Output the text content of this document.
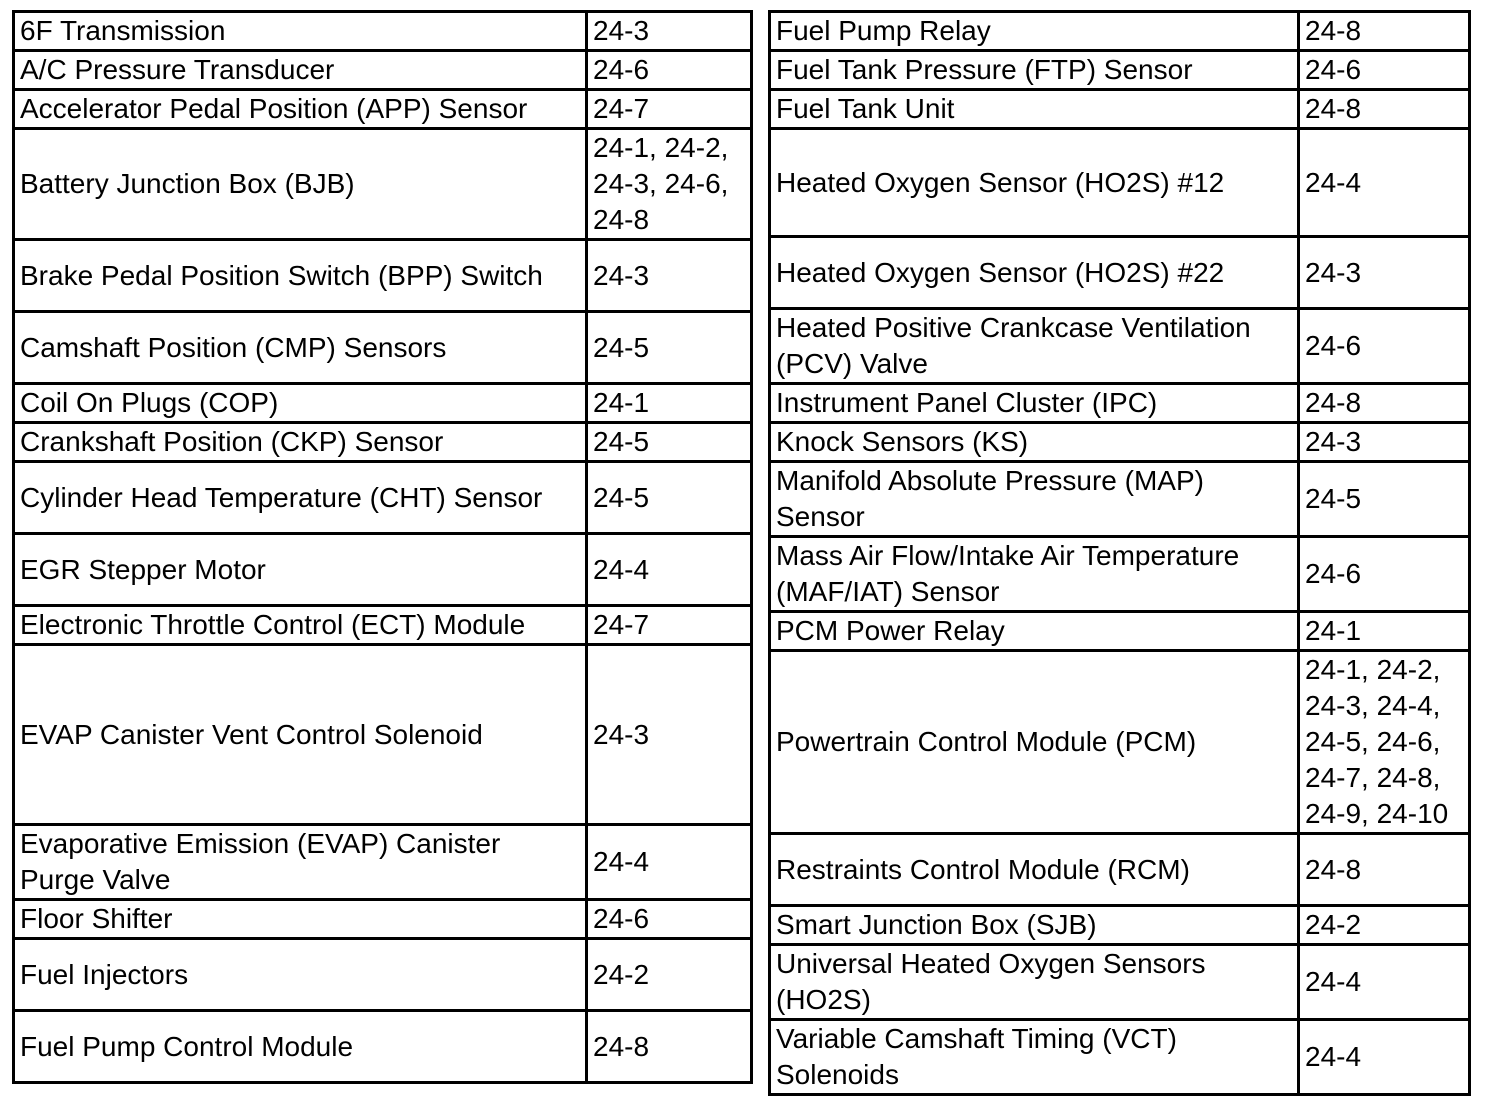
6F Transmission	24-3
A/C Pressure Transducer	24-6
Accelerator Pedal Position (APP) Sensor	24-7
Battery Junction Box (BJB)	24-1, 24-2,
24-3, 24-6,
24-8
Brake Pedal Position Switch (BPP) Switch	24-3
Camshaft Position (CMP) Sensors	24-5
Coil On Plugs (COP)	24-1
Crankshaft Position (CKP) Sensor	24-5
Cylinder Head Temperature (CHT) Sensor	24-5
EGR Stepper Motor	24-4
Electronic Throttle Control (ECT) Module	24-7
EVAP Canister Vent Control Solenoid	24-3
Evaporative Emission (EVAP) Canister
Purge Valve	24-4
Floor Shifter	24-6
Fuel Injectors	24-2
Fuel Pump Control Module	24-8
Fuel Pump Relay	24-8
Fuel Tank Pressure (FTP) Sensor	24-6
Fuel Tank Unit	24-8
Heated Oxygen Sensor (HO2S) #12	24-4
Heated Oxygen Sensor (HO2S) #22	24-3
Heated Positive Crankcase Ventilation
(PCV) Valve	24-6
Instrument Panel Cluster (IPC)	24-8
Knock Sensors (KS)	24-3
Manifold Absolute Pressure (MAP)
Sensor	24-5
Mass Air Flow/Intake Air Temperature
(MAF/IAT) Sensor	24-6
PCM Power Relay	24-1
Powertrain Control Module (PCM)	24-1, 24-2,
24-3, 24-4,
24-5, 24-6,
24-7, 24-8,
24-9, 24-10
Restraints Control Module (RCM)	24-8
Smart Junction Box (SJB)	24-2
Universal Heated Oxygen Sensors
(HO2S)	24-4
Variable Camshaft Timing (VCT)
Solenoids	24-4
